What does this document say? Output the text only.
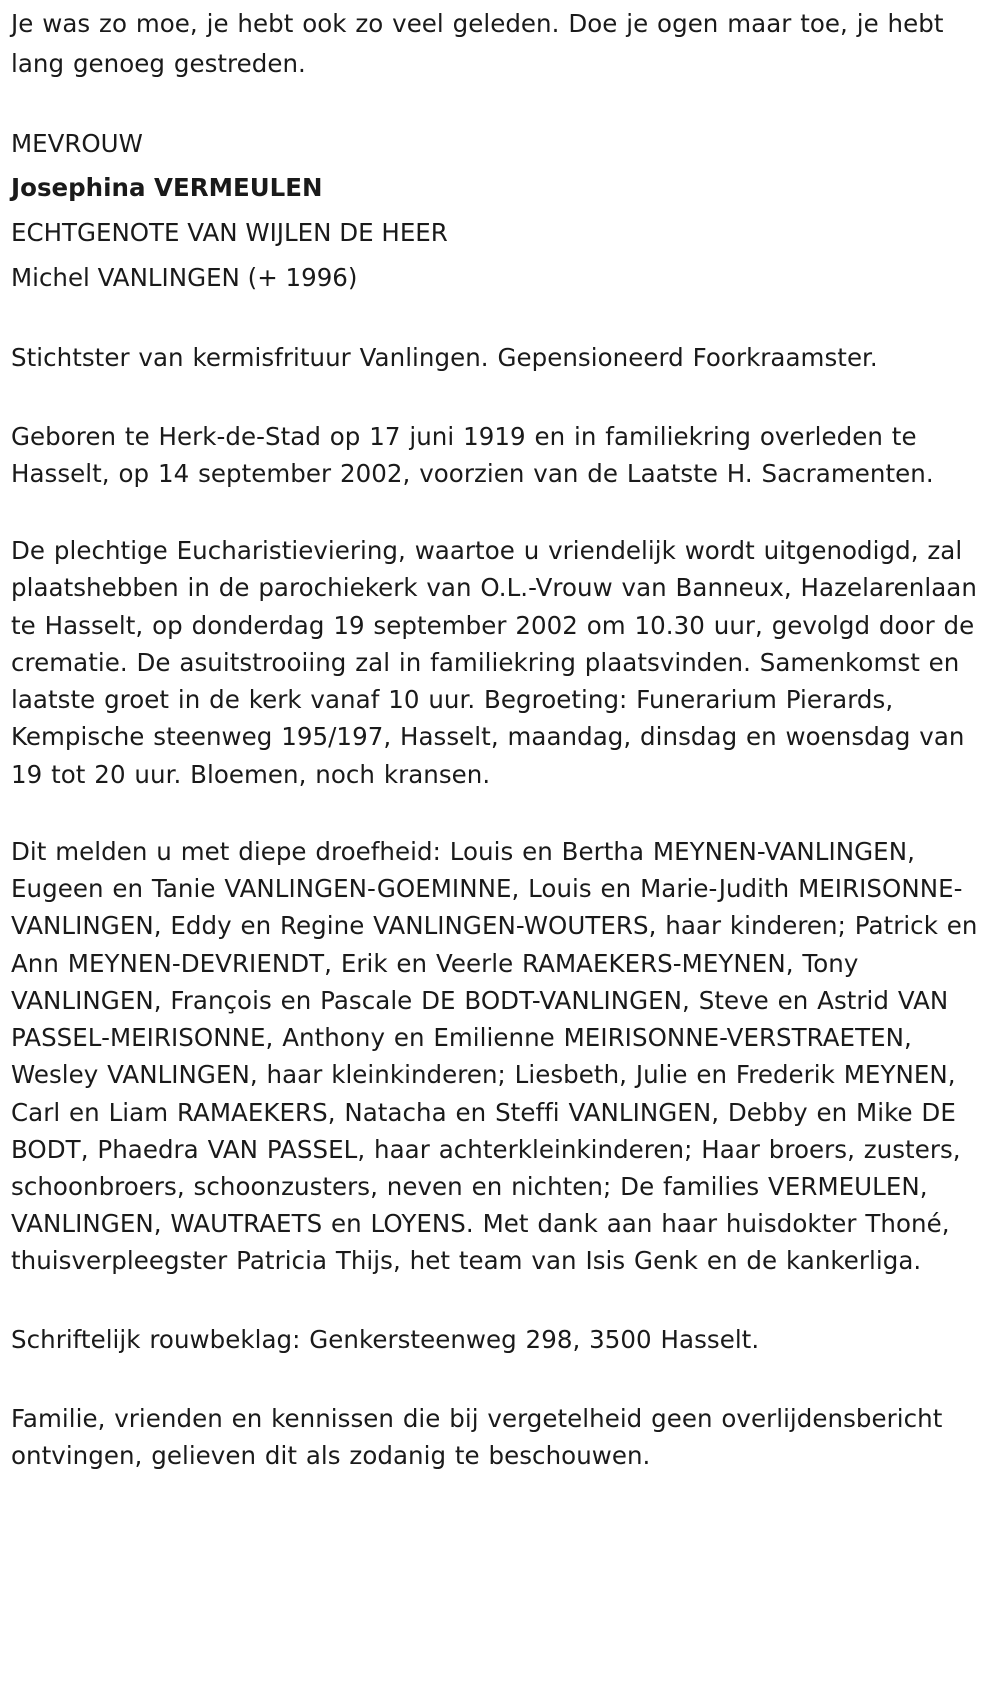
Je was zo moe, je hebt ook zo veel geleden. Doe je ogen maar toe, je hebt lang genoeg gestreden.

MEVROUW
Josephina VERMEULEN
ECHTGENOTE VAN WIJLEN DE HEER
Michel VANLINGEN (+ 1996)

Stichtster van kermisfrituur Vanlingen. Gepensioneerd Foorkraamster.

Geboren te Herk-de-Stad op 17 juni 1919 en in familiekring overleden te Hasselt, op 14 september 2002, voorzien van de Laatste H. Sacramenten.

De plechtige Eucharistieviering, waartoe u vriendelijk wordt uitgenodigd, zal plaatshebben in de parochiekerk van O.L.-Vrouw van Banneux, Hazelarenlaan te Hasselt, op donderdag 19 september 2002 om 10.30 uur, gevolgd door de crematie. De asuitstrooiing zal in familiekring plaatsvinden. Samenkomst en laatste groet in de kerk vanaf 10 uur. Begroeting: Funerarium Pierards, Kempische steenweg 195/197, Hasselt, maandag, dinsdag en woensdag van 19 tot 20 uur. Bloemen, noch kransen.

Dit melden u met diepe droefheid: Louis en Bertha MEYNEN-VANLINGEN, Eugeen en Tanie VANLINGEN-GOEMINNE, Louis en Marie-Judith MEIRISONNE-VANLINGEN, Eddy en Regine VANLINGEN-WOUTERS, haar kinderen; Patrick en Ann MEYNEN-DEVRIENDT, Erik en Veerle RAMAEKERS-MEYNEN, Tony VANLINGEN, François en Pascale DE BODT-VANLINGEN, Steve en Astrid VAN PASSEL-MEIRISONNE, Anthony en Emilienne MEIRISONNE-VERSTRAETEN, Wesley VANLINGEN, haar kleinkinderen; Liesbeth, Julie en Frederik MEYNEN, Carl en Liam RAMAEKERS, Natacha en Steffi VANLINGEN, Debby en Mike DE BODT, Phaedra VAN PASSEL, haar achterkleinkinderen; Haar broers, zusters, schoonbroers, schoonzusters, neven en nichten; De families VERMEULEN, VANLINGEN, WAUTRAETS en LOYENS. Met dank aan haar huisdokter Thoné, thuisverpleegster Patricia Thijs, het team van Isis Genk en de kankerliga.

Schriftelijk rouwbeklag: Genkersteenweg 298, 3500 Hasselt.

Familie, vrienden en kennissen die bij vergetelheid geen overlijdensbericht ontvingen, gelieven dit als zodanig te beschouwen.
